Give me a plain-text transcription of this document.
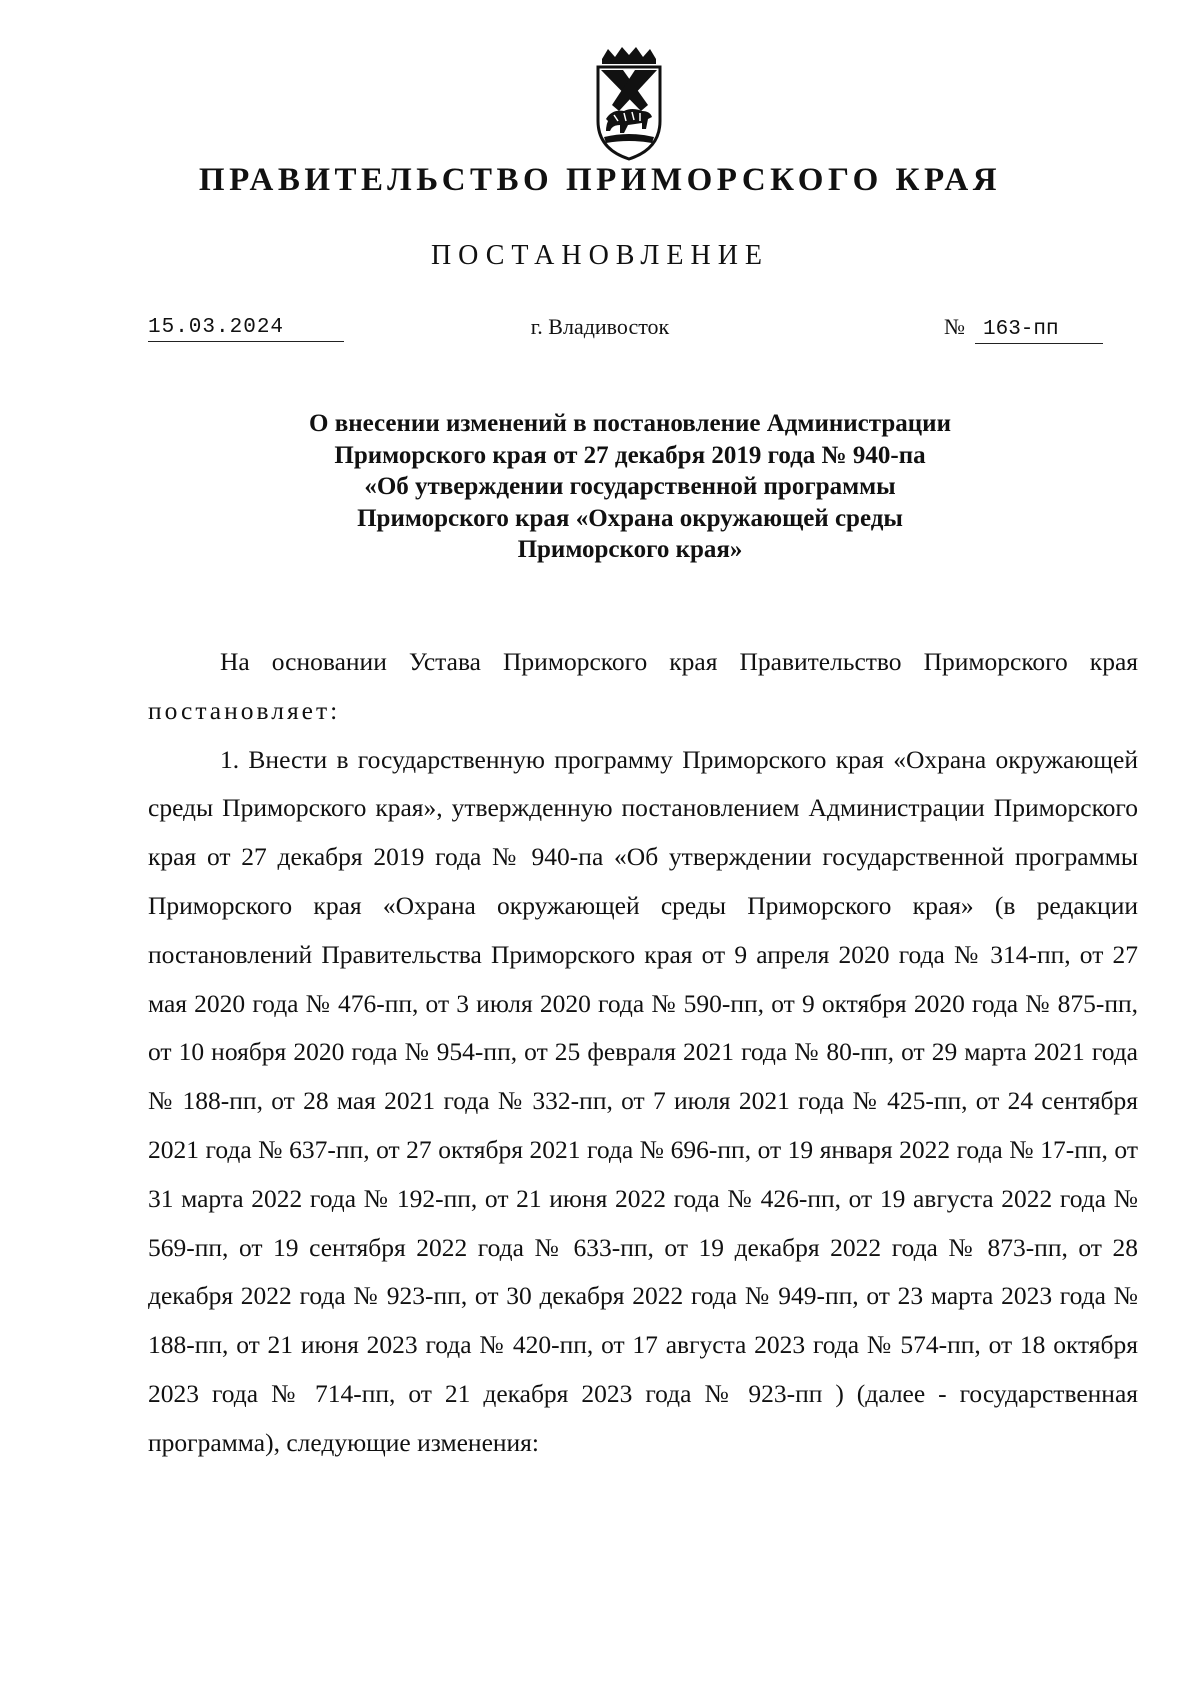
ПРАВИТЕЛЬСТВО ПРИМОРСКОГО КРАЯ
ПОСТАНОВЛЕНИЕ
15.03.2024	г. Владивосток	№ 163-пп
О внесении изменений в постановление Администрации
Приморского края от 27 декабря 2019 года № 940-па
«Об утверждении государственной программы
Приморского края «Охрана окружающей среды
Приморского края»

На основании Устава Приморского края Правительство Приморского края постановляет:

1. Внести в государственную программу Приморского края «Охрана окружающей среды Приморского края», утвержденную постановлением Администрации Приморского края от 27 декабря 2019 года № 940-па «Об утверждении государственной программы Приморского края «Охрана окружающей среды Приморского края» (в редакции постановлений Правительства Приморского края от 9 апреля 2020 года № 314-пп, от 27 мая 2020 года № 476-пп, от 3 июля 2020 года № 590-пп, от 9 октября 2020 года № 875-пп, от 10 ноября 2020 года № 954-пп, от 25 февраля 2021 года № 80-пп, от 29 марта 2021 года № 188-пп, от 28 мая 2021 года № 332-пп, от 7 июля 2021 года № 425-пп, от 24 сентября 2021 года № 637-пп, от 27 октября 2021 года № 696-пп, от 19 января 2022 года № 17-пп, от 31 марта 2022 года № 192-пп, от 21 июня 2022 года № 426-пп, от 19 августа 2022 года № 569-пп, от 19 сентября 2022 года № 633-пп, от 19 декабря 2022 года № 873-пп, от 28 декабря 2022 года № 923-пп, от 30 декабря 2022 года № 949-пп, от 23 марта 2023 года № 188-пп, от 21 июня 2023 года № 420-пп, от 17 августа 2023 года № 574-пп, от 18 октября 2023 года № 714-пп, от 21 декабря 2023 года № 923-пп ) (далее - государственная программа), следующие изменения:
